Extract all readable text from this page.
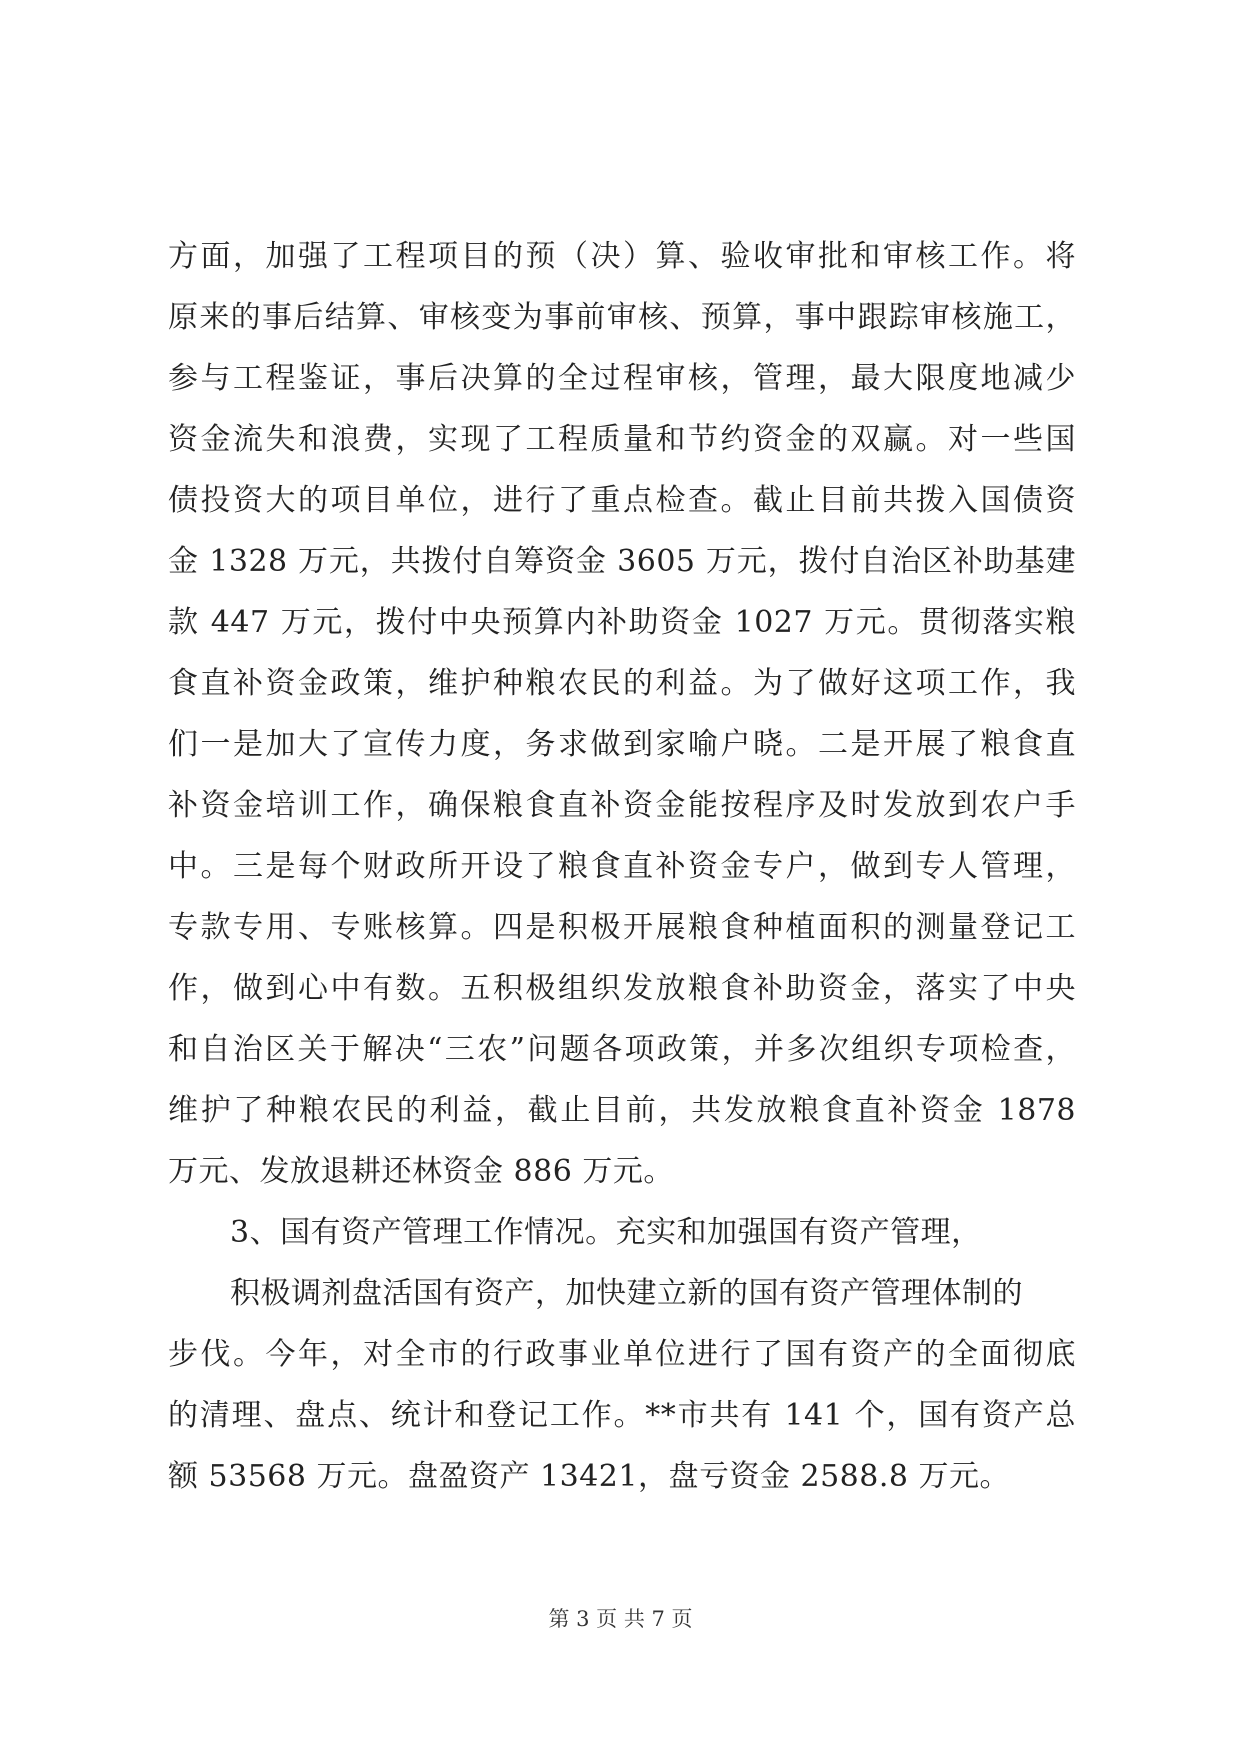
方面，加强了工程项目的预（决）算、验收审批和审核工作。将
原来的事后结算、审核变为事前审核、预算，事中跟踪审核施工，
参与工程鉴证，事后决算的全过程审核，管理，最大限度地减少
资金流失和浪费，实现了工程质量和节约资金的双赢。对一些国
债投资大的项目单位，进行了重点检查。截止目前共拨入国债资
金 1328 万元，共拨付自筹资金 3605 万元，拨付自治区补助基建
款 447 万元，拨付中央预算内补助资金 1027 万元。贯彻落实粮
食直补资金政策，维护种粮农民的利益。为了做好这项工作，我
们一是加大了宣传力度，务求做到家喻户晓。二是开展了粮食直
补资金培训工作，确保粮食直补资金能按程序及时发放到农户手
中。三是每个财政所开设了粮食直补资金专户，做到专人管理，
专款专用、专账核算。四是积极开展粮食种植面积的测量登记工
作，做到心中有数。五积极组织发放粮食补助资金，落实了中央
和自治区关于解决“三农”问题各项政策，并多次组织专项检查，
维护了种粮农民的利益，截止目前，共发放粮食直补资金 1878
万元、发放退耕还林资金 886 万元。
3、国有资产管理工作情况。充实和加强国有资产管理，
积极调剂盘活国有资产，加快建立新的国有资产管理体制的
步伐。今年，对全市的行政事业单位进行了国有资产的全面彻底
的清理、盘点、统计和登记工作。**市共有 141 个，国有资产总
额 53568 万元。盘盈资产 13421，盘亏资金 2588.8 万元。
第 3 页 共 7 页
